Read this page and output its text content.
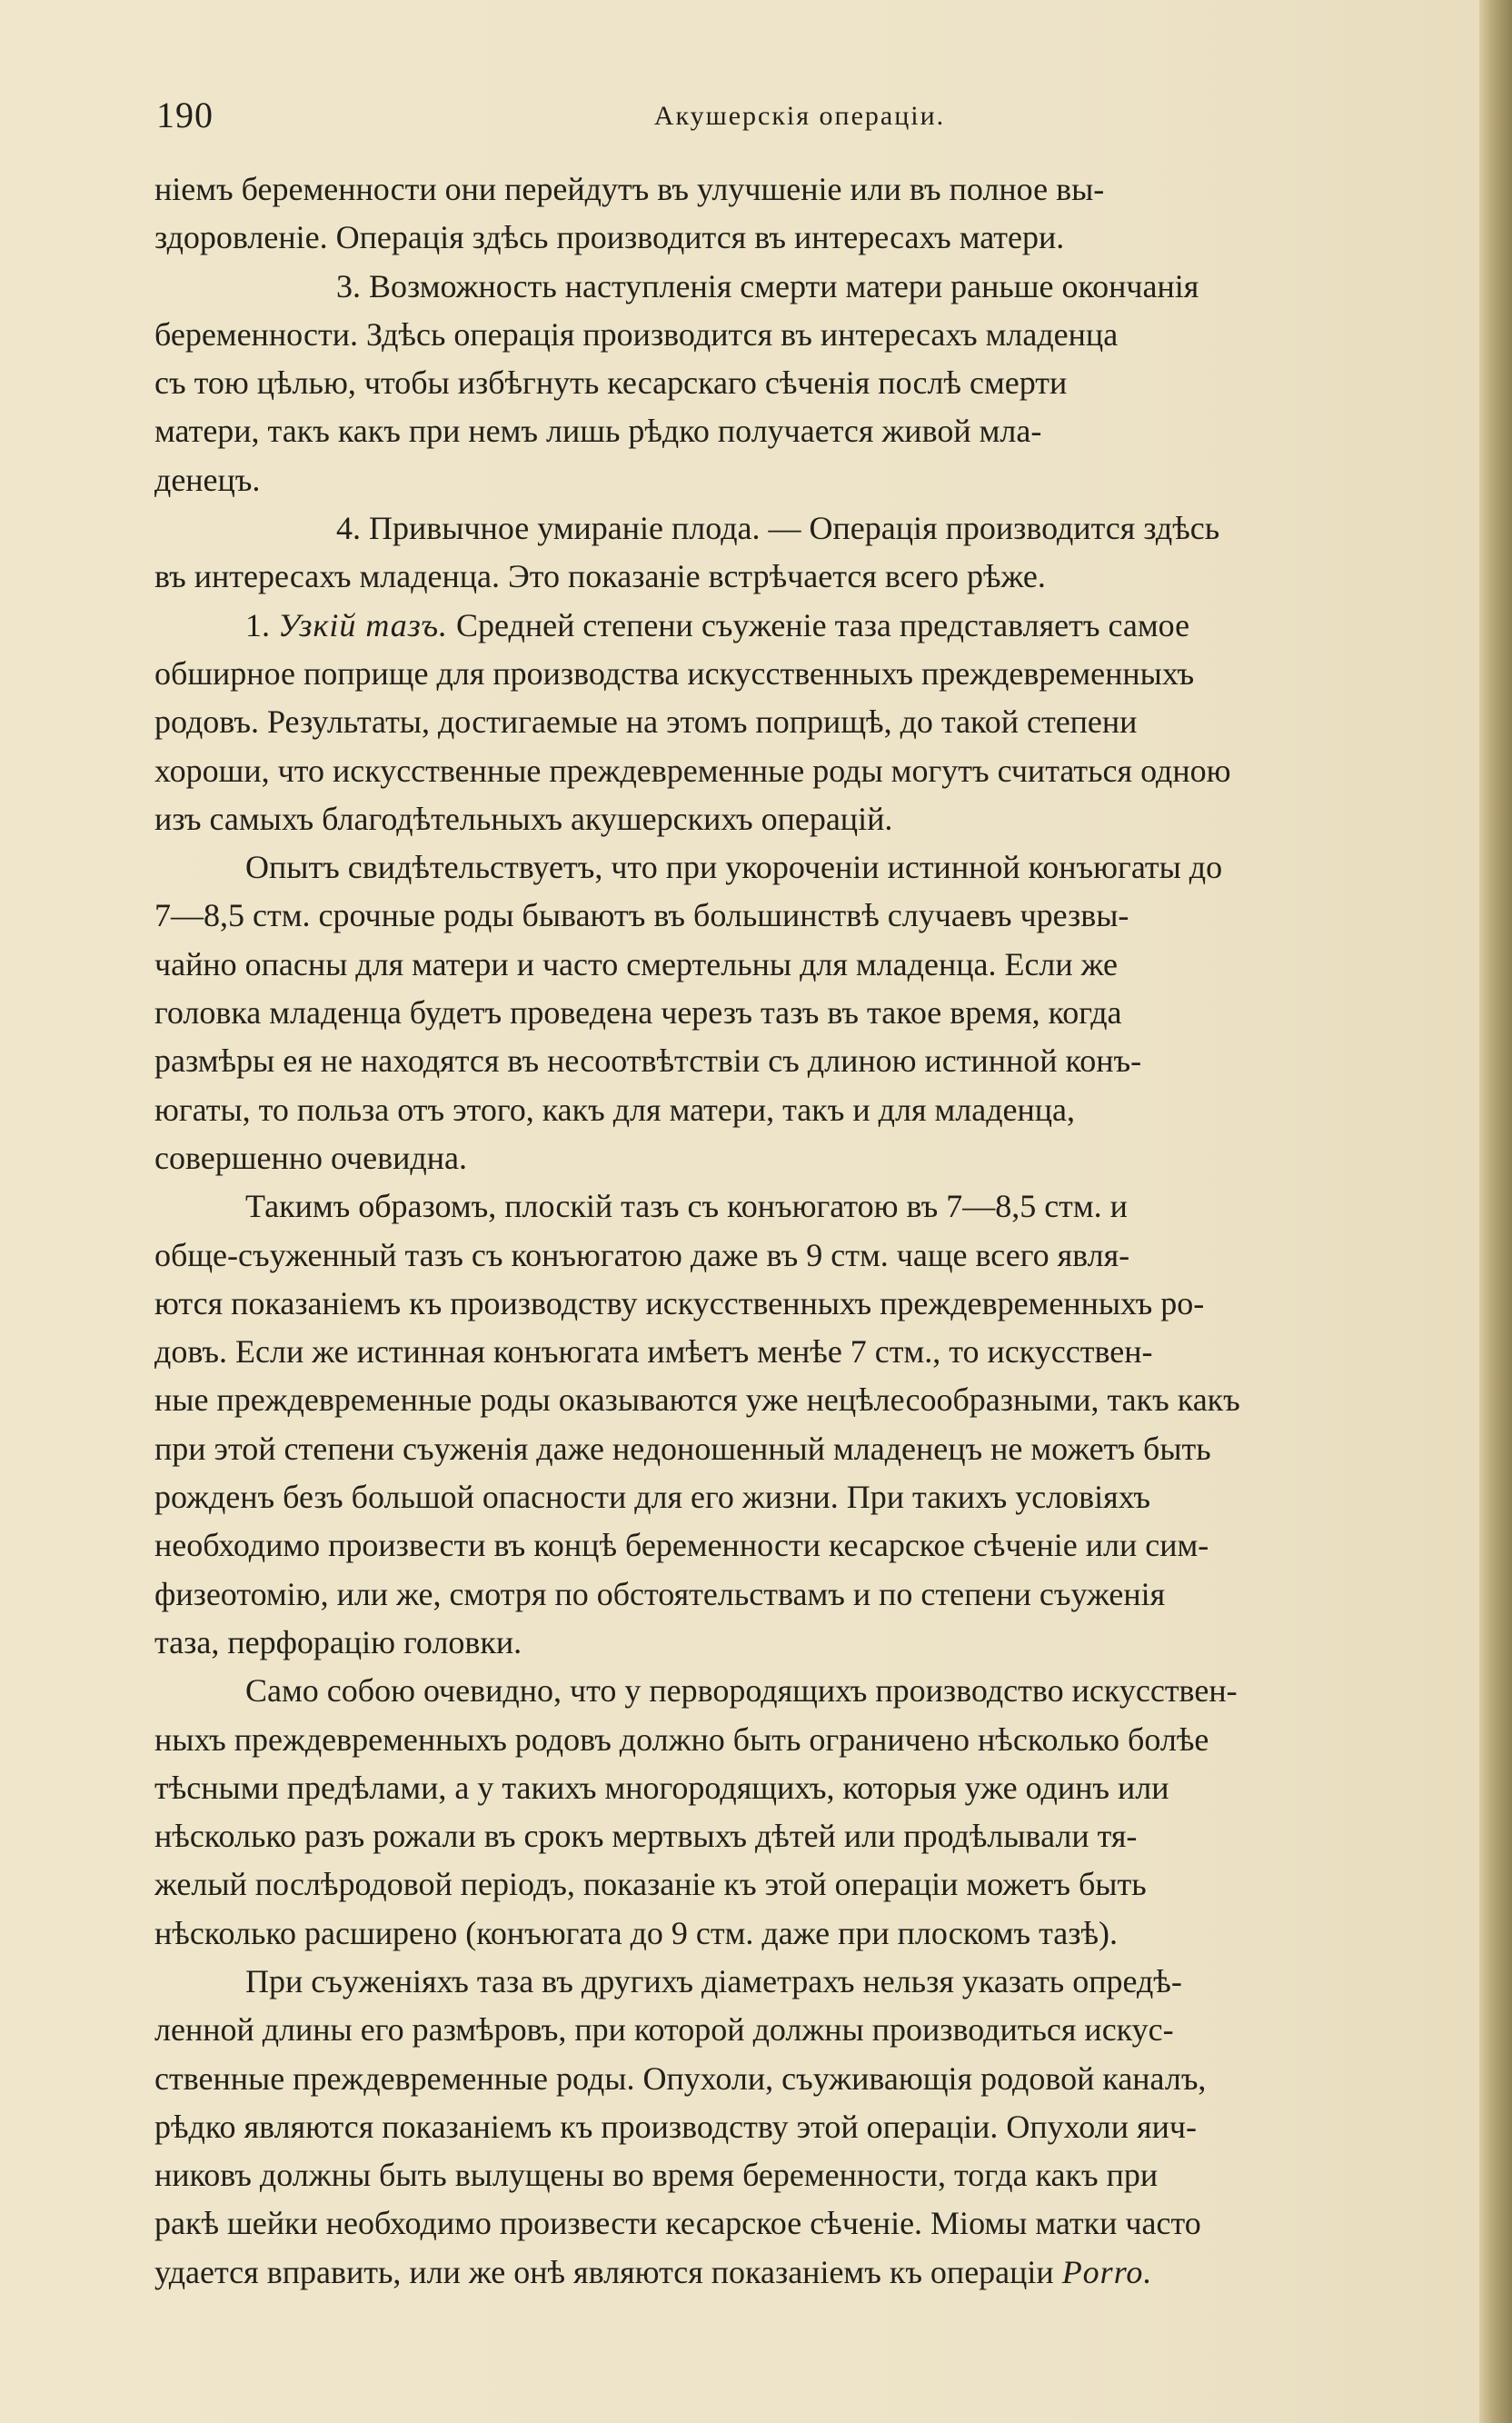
190	Акушерскія операціи.
ніемъ беременности они перейдутъ въ улучшеніе или въ полное вы-
здоровленіе. Операція здѣсь производится въ интересахъ матери.
3. Возможность наступленія смерти матери раньше окончанія
беременности. Здѣсь операція производится въ интересахъ младенца
съ тою цѣлью, чтобы избѣгнуть кесарскаго сѣченія послѣ смерти
матери, такъ какъ при немъ лишь рѣдко получается живой мла-
денецъ.
4. Привычное умираніе плода. — Операція производится здѣсь
въ интересахъ младенца. Это показаніе встрѣчается всего рѣже.
1. Узкій тазъ. Средней степени съуженіе таза представляетъ самое
обширное поприще для производства искусственныхъ преждевременныхъ
родовъ. Результаты, достигаемые на этомъ поприщѣ, до такой степени
хороши, что искусственные преждевременные роды могутъ считаться одною
изъ самыхъ благодѣтельныхъ акушерскихъ операцій.
Опытъ свидѣтельствуетъ, что при укороченіи истинной конъюгаты до
7—8,5 стм. срочные роды бываютъ въ большинствѣ случаевъ чрезвы-
чайно опасны для матери и часто смертельны для младенца. Если же
головка младенца будетъ проведена черезъ тазъ въ такое время, когда
размѣры ея не находятся въ несоотвѣтствіи съ длиною истинной конъ-
югаты, то польза отъ этого, какъ для матери, такъ и для младенца,
совершенно очевидна.
Такимъ образомъ, плоскій тазъ съ конъюгатою въ 7—8,5 стм. и
обще-съуженный тазъ съ конъюгатою даже въ 9 стм. чаще всего явля-
ются показаніемъ къ производству искусственныхъ преждевременныхъ ро-
довъ. Если же истинная конъюгата имѣетъ менѣе 7 стм., то искусствен-
ные преждевременные роды оказываются уже нецѣлесообразными, такъ какъ
при этой степени съуженія даже недоношенный младенецъ не можетъ быть
рожденъ безъ большой опасности для его жизни. При такихъ условіяхъ
необходимо произвести въ концѣ беременности кесарское сѣченіе или сим-
физеотомію, или же, смотря по обстоятельствамъ и по степени съуженія
таза, перфорацію головки.
Само собою очевидно, что у первородящихъ производство искусствен-
ныхъ преждевременныхъ родовъ должно быть ограничено нѣсколько болѣе
тѣсными предѣлами, а у такихъ многородящихъ, которыя уже одинъ или
нѣсколько разъ рожали въ срокъ мертвыхъ дѣтей или продѣлывали тя-
желый послѣродовой періодъ, показаніе къ этой операціи можетъ быть
нѣсколько расширено (конъюгата до 9 стм. даже при плоскомъ тазѣ).
При съуженіяхъ таза въ другихъ діаметрахъ нельзя указать опредѣ-
ленной длины его размѣровъ, при которой должны производиться искус-
ственные преждевременные роды. Опухоли, съуживающія родовой каналъ,
рѣдко являются показаніемъ къ производству этой операціи. Опухоли яич-
никовъ должны быть вылущены во время беременности, тогда какъ при
ракѣ шейки необходимо произвести кесарское сѣченіе. Міомы матки часто
удается вправить, или же онѣ являются показаніемъ къ операціи Porro.
